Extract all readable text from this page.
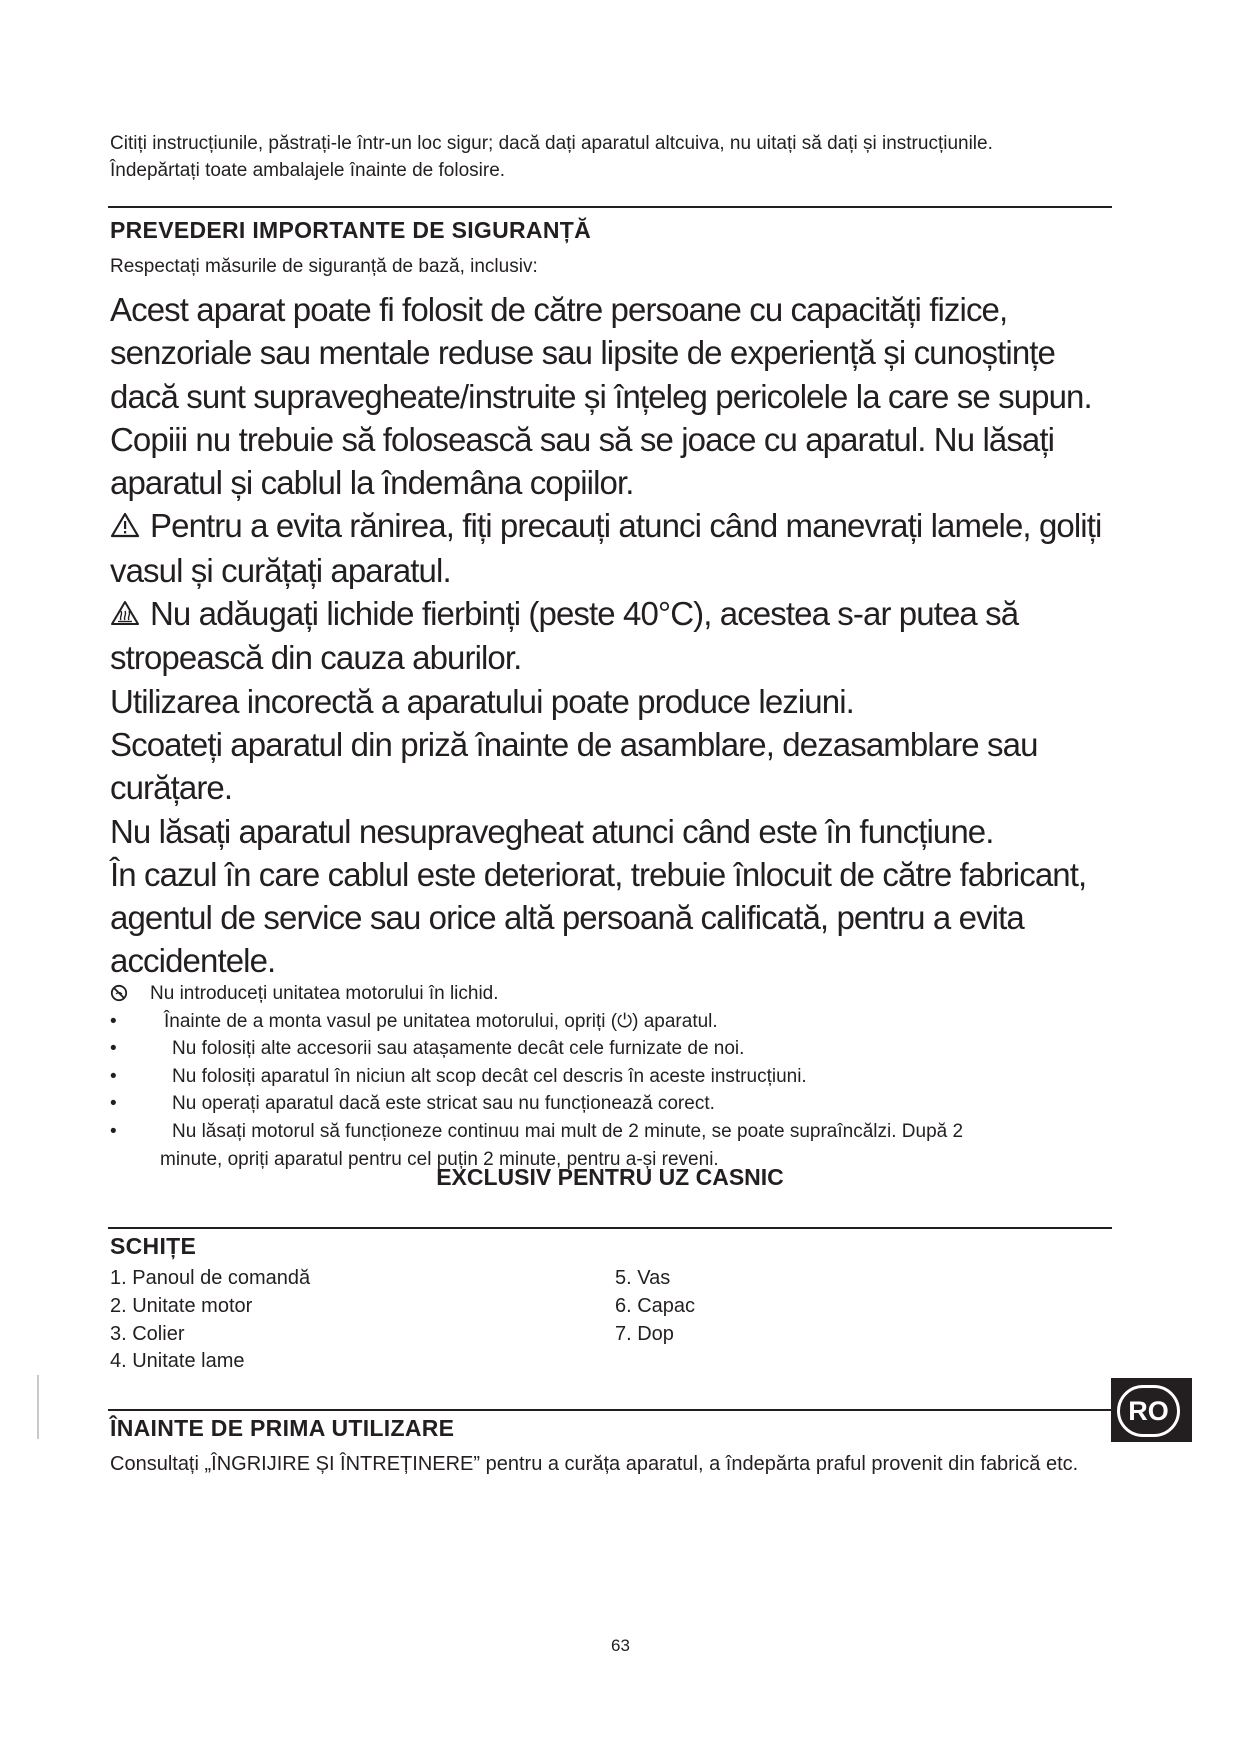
Citiți instrucțiunile, păstrați-le într-un loc sigur; dacă dați aparatul altcuiva, nu uitați să dați și instrucțiunile.

Îndepărtați toate ambalajele înainte de folosire.

PREVEDERI IMPORTANTE DE SIGURANȚĂ
Respectați măsurile de siguranță de bază, inclusiv:

Acest aparat poate fi folosit de către persoane cu capacități fizice, senzoriale sau mentale reduse sau lipsite de experiență și cunoștințe dacă sunt supravegheate/instruite și înțeleg pericolele la care se supun. Copiii nu trebuie să folosească sau să se joace cu aparatul. Nu lăsați aparatul și cablul la îndemâna copiilor.

Pentru a evita rănirea, fiți precauți atunci când manevrați lamele, goliți vasul și curățați aparatul.

Nu adăugați lichide fierbinți (peste 40°C), acestea s-ar putea să stropească din cauza aburilor.

Utilizarea incorectă a aparatului poate produce leziuni.

Scoateți aparatul din priză înainte de asamblare, dezasamblare sau curățare.

Nu lăsați aparatul nesupravegheat atunci când este în funcțiune.

În cazul în care cablul este deteriorat, trebuie înlocuit de către fabricant, agentul de service sau orice altă persoană calificată, pentru a evita accidentele.

Nu introduceți unitatea motorului în lichid.
•	Înainte de a monta vasul pe unitatea motorului, opriți (⏻) aparatul.
•	Nu folosiți alte accesorii sau atașamente decât cele furnizate de noi.
•	Nu folosiți aparatul în niciun alt scop decât cel descris în aceste instrucțiuni.
•	Nu operați aparatul dacă este stricat sau nu funcționează corect.
•	Nu lăsați motorul să funcționeze continuu mai mult de 2 minute, se poate supraîncălzi. După 2 minute, opriți aparatul pentru cel puțin 2 minute, pentru a-și reveni.
EXCLUSIV PENTRU UZ CASNIC
SCHIȚE
1. Panoul de comandă
2. Unitate motor
3. Colier
4. Unitate lame
5. Vas
6. Capac
7. Dop
ÎNAINTE DE PRIMA UTILIZARE
Consultați „ÎNGRIJIRE ȘI ÎNTREȚINERE” pentru a curăța aparatul, a îndepărta praful provenit din fabrică etc.
RO
63
